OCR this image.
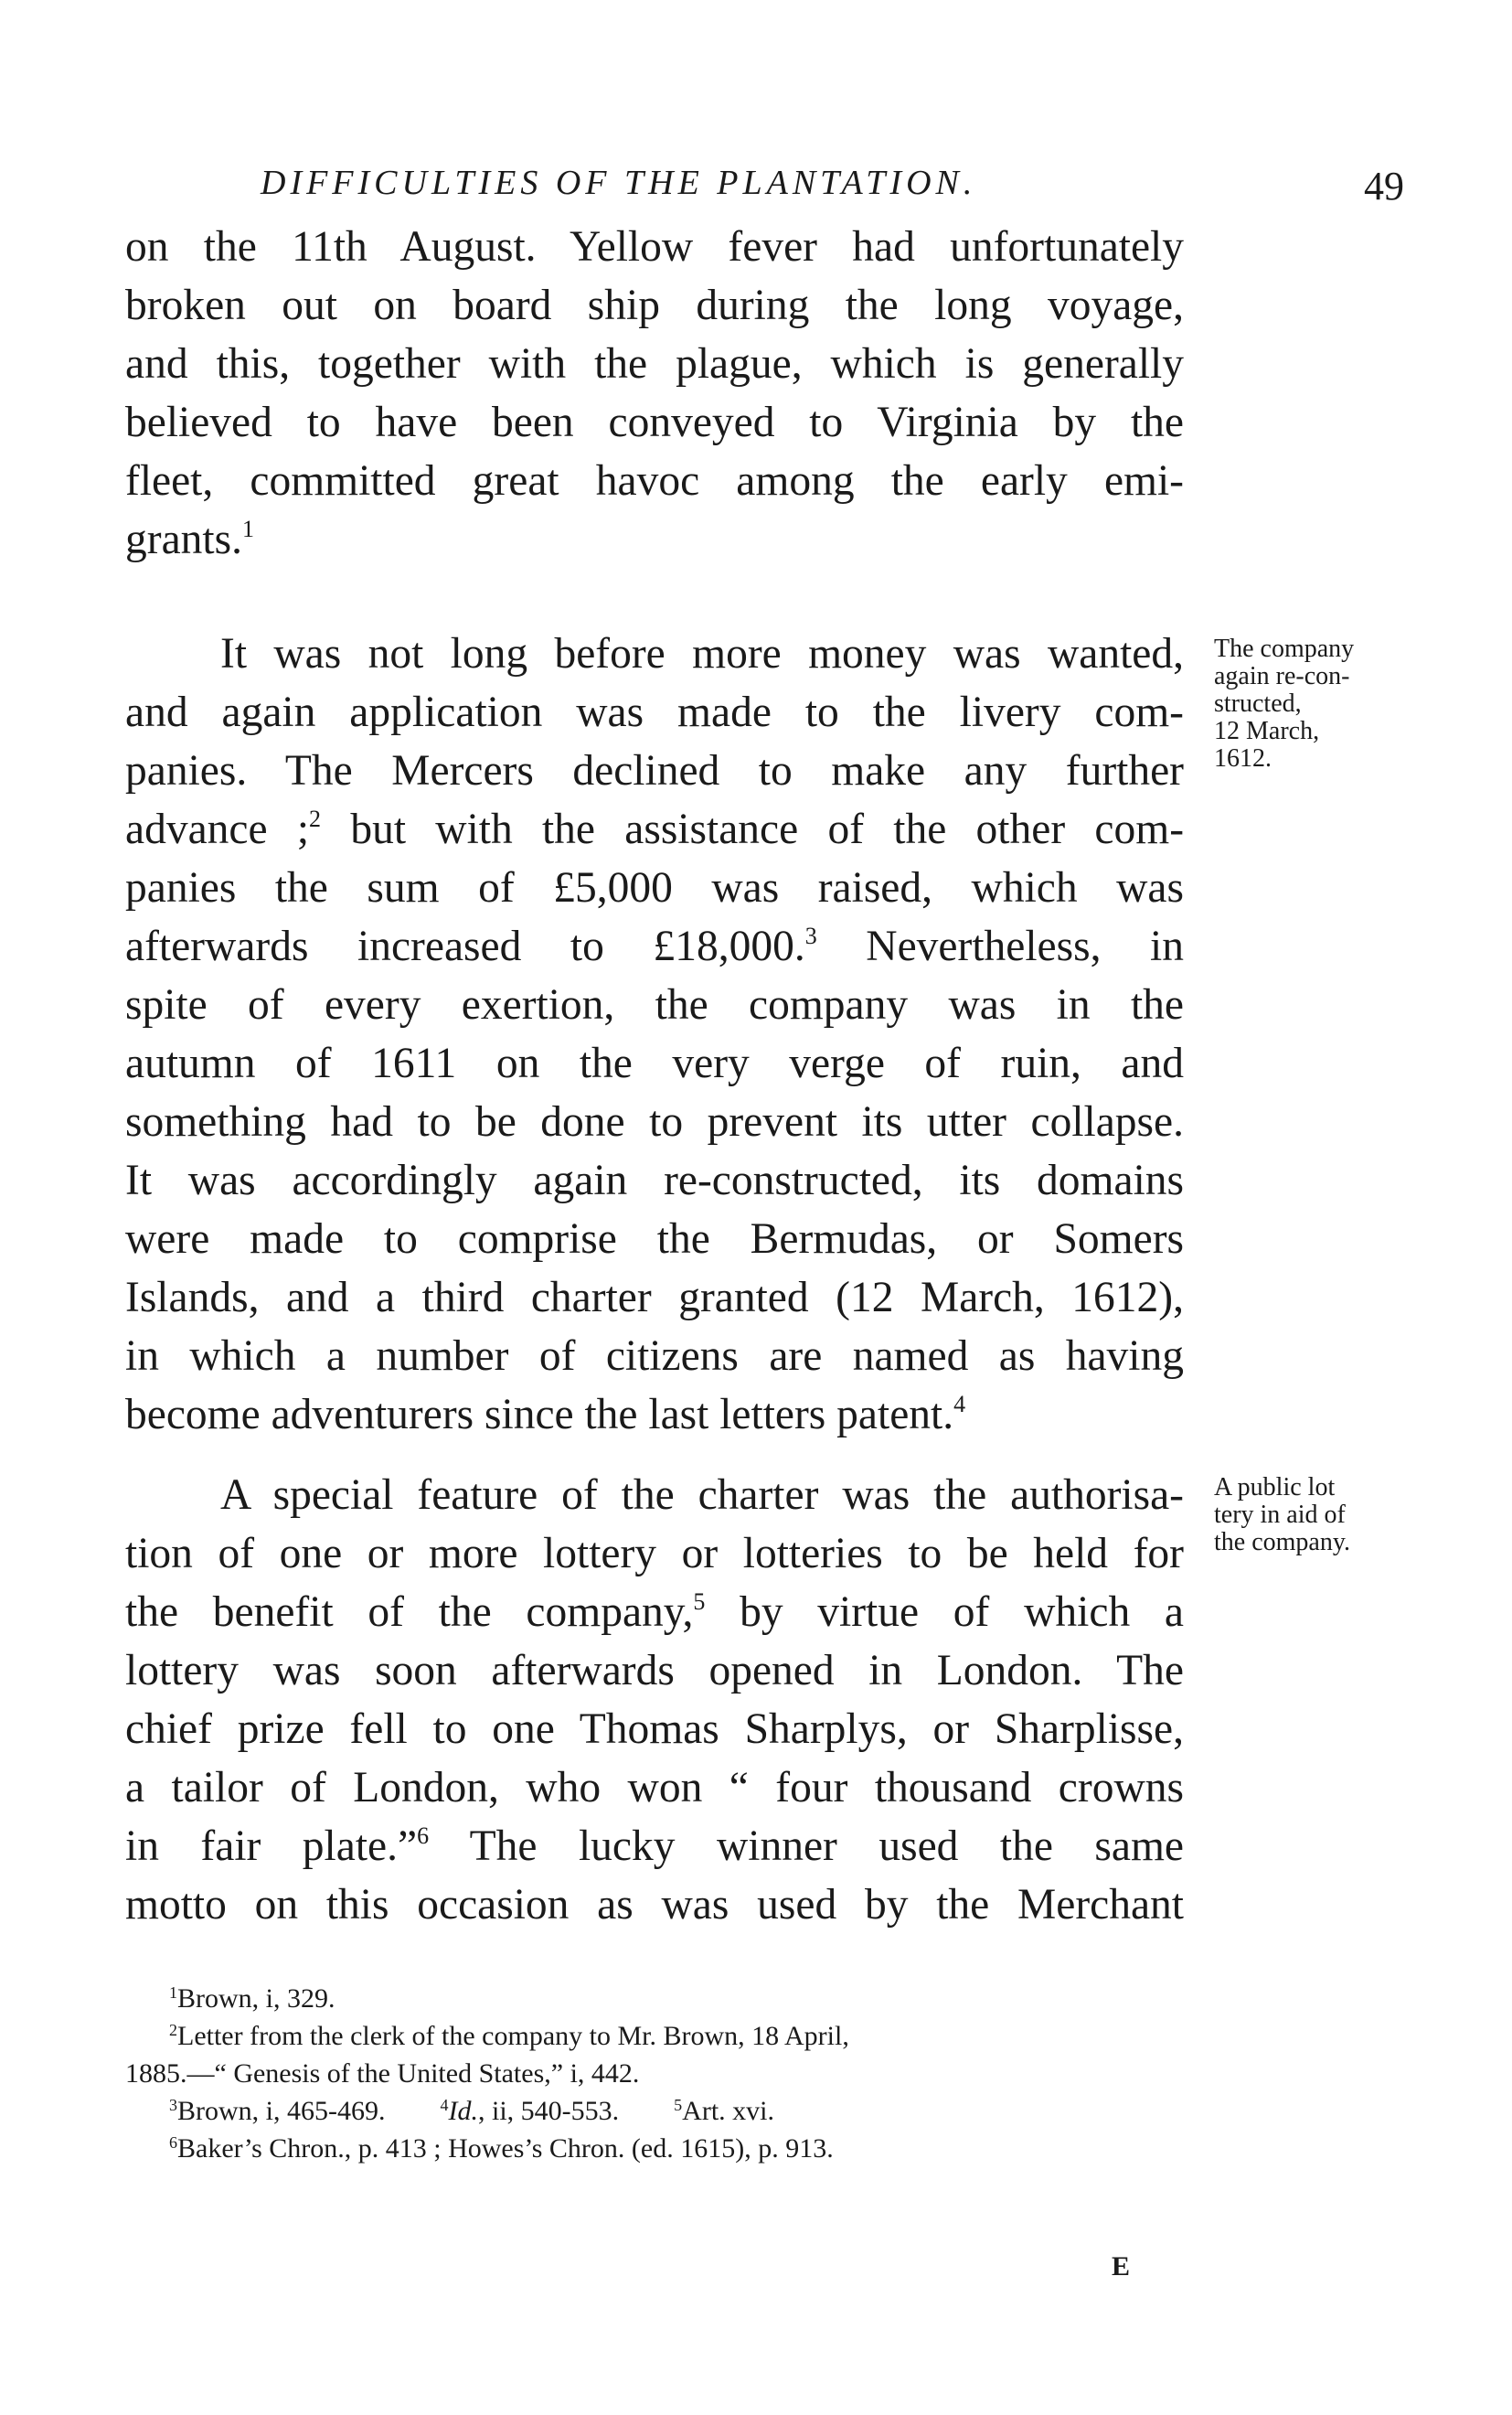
DIFFICULTIES OF THE PLANTATION.	49
on the 11th August. Yellow fever had unfortunately
broken out on board ship during the long voyage,
and this, together with the plague, which is generally
believed to have been conveyed to Virginia by the
fleet, committed great havoc among the early emi-
grants.$^1$
It was not long before more money was wanted,
and again application was made to the livery com-
panies. The Mercers declined to make any further
advance ;$^2$ but with the assistance of the other com-
panies the sum of £5,000 was raised, which was
afterwards increased to £18,000.$^3$ Nevertheless, in
spite of every exertion, the company was in the
autumn of 1611 on the very verge of ruin, and
something had to be done to prevent its utter collapse.
It was accordingly again re-constructed, its domains
were made to comprise the Bermudas, or Somers
Islands, and a third charter granted (12 March, 1612),
in which a number of citizens are named as having
become adventurers since the last letters patent.$^4$
A special feature of the charter was the authorisa-
tion of one or more lottery or lotteries to be held for
the benefit of the company,$^5$ by virtue of which a
lottery was soon afterwards opened in London. The
chief prize fell to one Thomas Sharplys, or Sharplisse,
a tailor of London, who won “ four thousand crowns
in fair plate.”$^6$ The lucky winner used the same
motto on this occasion as was used by the Merchant
The company
again re-con-
structed,
12 March,
1612.
A public lot
tery in aid of
the company.
$^1$Brown, i, 329.
$^2$Letter from the clerk of the company to Mr. Brown, 18 April,
1885.—“ Genesis of the United States,” i, 442.
$^3$Brown, i, 465-469.	$^4$Id., ii, 540-553.	$^5$Art. xvi.
$^6$Baker’s Chron., p. 413 ; Howes’s Chron. (ed. 1615), p. 913.
E
